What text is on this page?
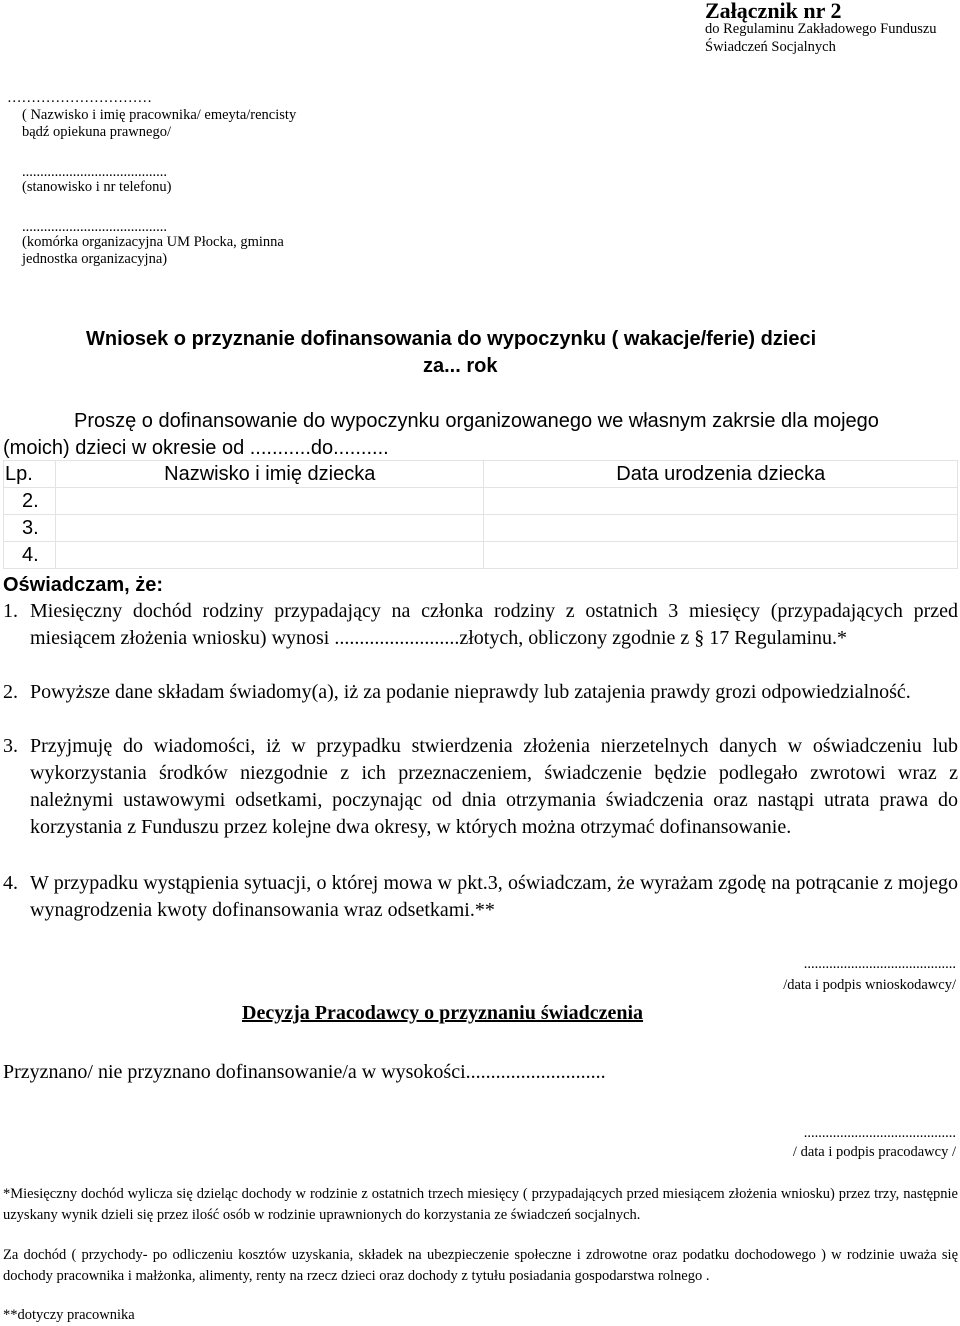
Załącznik nr 2
do Regulaminu Zakładowego Funduszu
Świadczeń Socjalnych
…………………………
( Nazwisko i imię pracownika/ emeyta/rencisty
bądź opiekuna prawnego/
........................................
(stanowisko i nr telefonu)
........................................
(komórka organizacyjna UM Płocka, gminna
jednostka organizacyjna)
Wniosek o przyznanie dofinansowania do wypoczynku ( wakacje/ferie) dzieci
za... rok
Proszę o dofinansowanie do wypoczynku organizowanego we własnym zakrsie dla mojego
(moich) dzieci w okresie od ...........do..........
Lp.	Nazwisko i imię dziecka	Data urodzenia dziecka
2.		
3.		
4.		
Oświadczam, że:
1. Miesięczny dochód rodziny przypadający na członka rodziny z ostatnich 3 miesięcy (przypadających przed miesiącem złożenia wniosku) wynosi .........................złotych, obliczony zgodnie z § 17 Regulaminu.*
2. Powyższe dane składam świadomy(a), iż za podanie nieprawdy lub zatajenia prawdy grozi odpowiedzialność.
3. Przyjmuję do wiadomości, iż w przypadku stwierdzenia złożenia nierzetelnych danych w oświadczeniu lub wykorzystania środków niezgodnie z ich przeznaczeniem, świadczenie będzie podlegało zwrotowi wraz z należnymi ustawowymi odsetkami, poczynając od dnia otrzymania świadczenia oraz nastąpi utrata prawa do korzystania z Funduszu przez kolejne dwa okresy, w których można otrzymać dofinansowanie.
4. W przypadku wystąpienia sytuacji, o której mowa w pkt.3, oświadczam, że wyrażam zgodę na potrącanie z mojego wynagrodzenia kwoty dofinansowania wraz odsetkami.**
..........................................
/data i podpis wnioskodawcy/
Decyzja Pracodawcy o przyznaniu świadczenia
Przyznano/ nie przyznano dofinansowanie/a w wysokości............................
..........................................
/ data i podpis pracodawcy /
*Miesięczny dochód wylicza się dzieląc dochody w rodzinie z ostatnich trzech miesięcy ( przypadających przed miesiącem złożenia wniosku) przez trzy, następnie uzyskany wynik dzieli się przez ilość osób w rodzinie uprawnionych do korzystania ze świadczeń socjalnych.
Za dochód ( przychody- po odliczeniu kosztów uzyskania, składek na ubezpieczenie społeczne i zdrowotne oraz podatku dochodowego ) w rodzinie uważa się dochody pracownika i małżonka, alimenty, renty na rzecz dzieci oraz dochody z tytułu posiadania gospodarstwa rolnego .
**dotyczy pracownika
